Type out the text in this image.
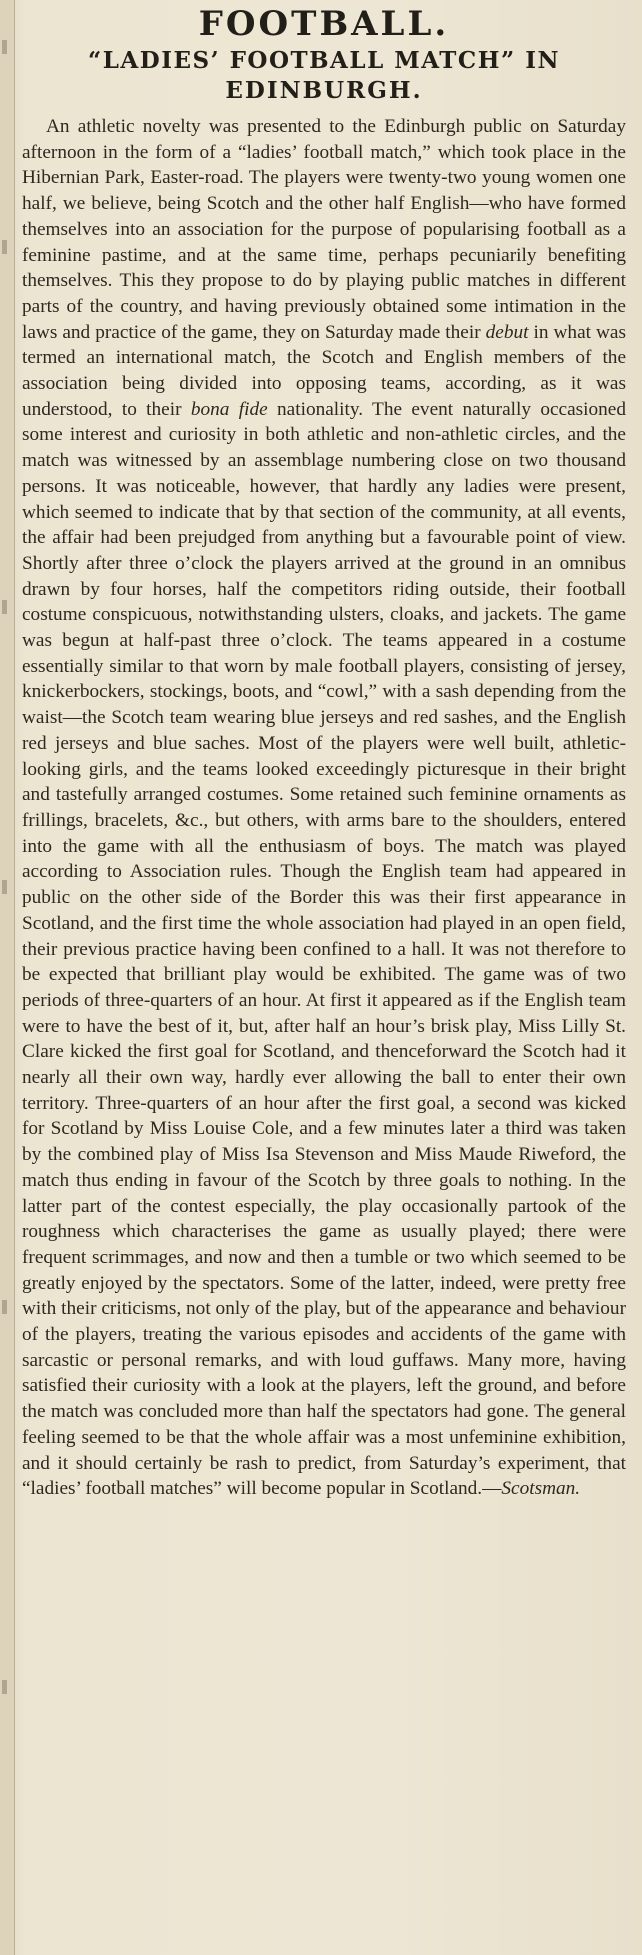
FOOTBALL.
“LADIES’ FOOTBALL MATCH” IN
EDINBURGH.

An athletic novelty was presented to the Edinburgh public on Saturday afternoon in the form of a “ladies’ football match,” which took place in the Hibernian Park, Easter-road. The players were twenty-two young women one half, we believe, being Scotch and the other half English—who have formed themselves into an association for the purpose of popularising football as a feminine pastime, and at the same time, perhaps pecuniarily benefiting themselves. This they propose to do by playing public matches in different parts of the country, and having previously obtained some intimation in the laws and practice of the game, they on Saturday made their debut in what was termed an international match, the Scotch and English members of the association being divided into opposing teams, according, as it was understood, to their bona fide nationality. The event naturally occasioned some interest and curiosity in both athletic and non-athletic circles, and the match was witnessed by an assemblage numbering close on two thousand persons. It was noticeable, however, that hardly any ladies were present, which seemed to indicate that by that section of the community, at all events, the affair had been prejudged from anything but a favourable point of view. Shortly after three o’clock the players arrived at the ground in an omnibus drawn by four horses, half the competitors riding outside, their football costume conspicuous, notwithstanding ulsters, cloaks, and jackets. The game was begun at half-past three o’clock. The teams appeared in a costume essentially similar to that worn by male football players, consisting of jersey, knickerbockers, stockings, boots, and “cowl,” with a sash depending from the waist—the Scotch team wearing blue jerseys and red sashes, and the English red jerseys and blue saches. Most of the players were well built, athletic-looking girls, and the teams looked exceedingly picturesque in their bright and tastefully arranged costumes. Some retained such feminine ornaments as frillings, bracelets, &c., but others, with arms bare to the shoulders, entered into the game with all the enthusiasm of boys. The match was played according to Association rules. Though the English team had appeared in public on the other side of the Border this was their first appearance in Scotland, and the first time the whole association had played in an open field, their previous practice having been confined to a hall. It was not therefore to be expected that brilliant play would be exhibited. The game was of two periods of three-quarters of an hour. At first it appeared as if the English team were to have the best of it, but, after half an hour’s brisk play, Miss Lilly St. Clare kicked the first goal for Scotland, and thenceforward the Scotch had it nearly all their own way, hardly ever allowing the ball to enter their own territory. Three-quarters of an hour after the first goal, a second was kicked for Scotland by Miss Louise Cole, and a few minutes later a third was taken by the combined play of Miss Isa Stevenson and Miss Maude Riweford, the match thus ending in favour of the Scotch by three goals to nothing. In the latter part of the contest especially, the play occasionally partook of the roughness which characterises the game as usually played; there were frequent scrimmages, and now and then a tumble or two which seemed to be greatly enjoyed by the spectators. Some of the latter, indeed, were pretty free with their criticisms, not only of the play, but of the appearance and behaviour of the players, treating the various episodes and accidents of the game with sarcastic or personal remarks, and with loud guffaws. Many more, having satisfied their curiosity with a look at the players, left the ground, and before the match was concluded more than half the spectators had gone. The general feeling seemed to be that the whole affair was a most unfeminine exhibition, and it should certainly be rash to predict, from Saturday’s experiment, that “ladies’ football matches” will become popular in Scotland.—Scotsman.
